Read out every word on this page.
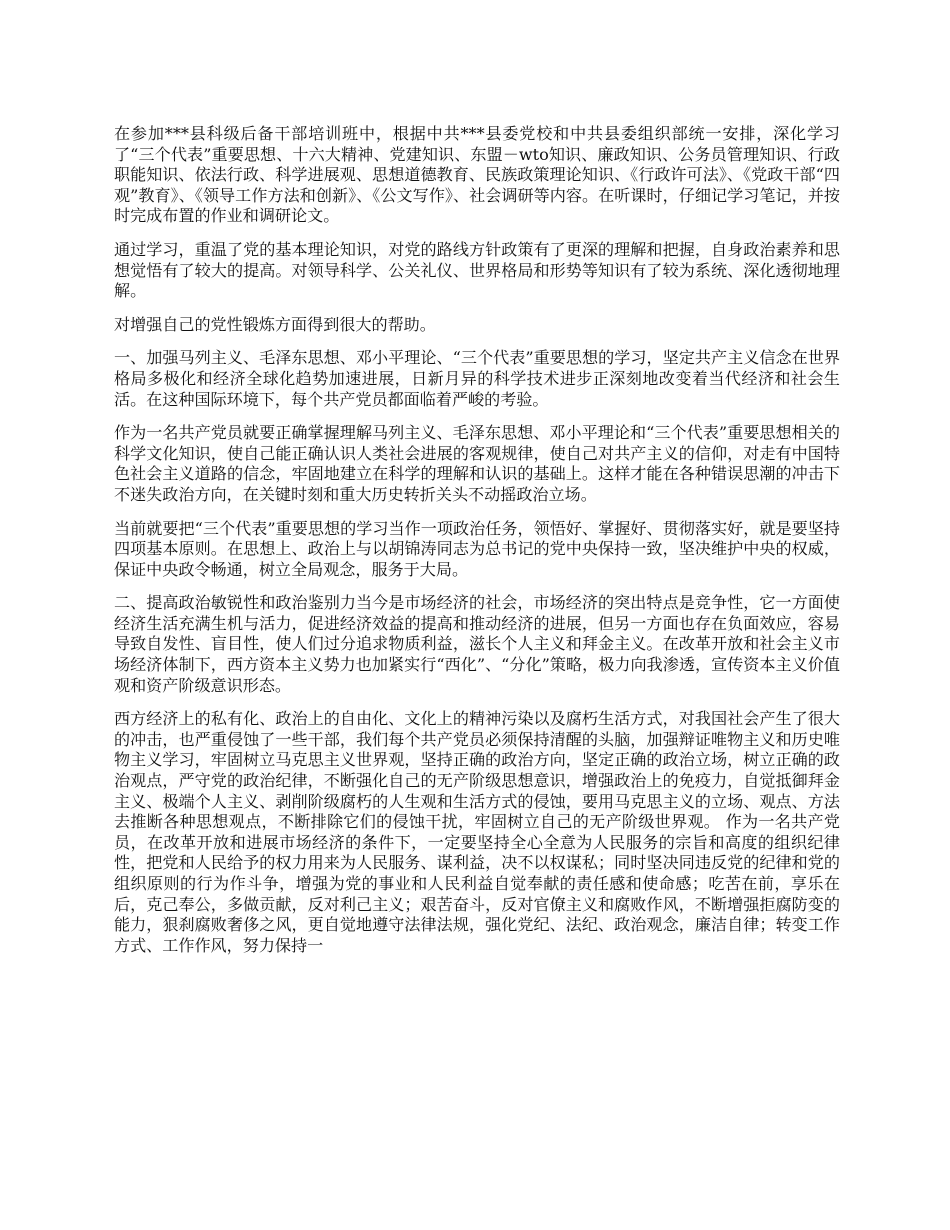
在参加***县科级后备干部培训班中，根据中共***县委党校和中共县委组织部统一安排，深化学习了“三个代表”重要思想、十六大精神、党建知识、东盟－wto知识、廉政知识、公务员管理知识、行政职能知识、依法行政、科学进展观、思想道德教育、民族政策理论知识、《行政许可法》、《党政干部“四观”教育》、《领导工作方法和创新》、《公文写作》、社会调研等内容。在听课时，仔细记学习笔记，并按时完成布置的作业和调研论文。

通过学习，重温了党的基本理论知识，对党的路线方针政策有了更深的理解和把握，自身政治素养和思想觉悟有了较大的提高。对领导科学、公关礼仪、世界格局和形势等知识有了较为系统、深化透彻地理解。

对增强自己的党性锻炼方面得到很大的帮助。

一、加强马列主义、毛泽东思想、邓小平理论、“三个代表”重要思想的学习，坚定共产主义信念在世界格局多极化和经济全球化趋势加速进展，日新月异的科学技术进步正深刻地改变着当代经济和社会生活。在这种国际环境下，每个共产党员都面临着严峻的考验。

作为一名共产党员就要正确掌握理解马列主义、毛泽东思想、邓小平理论和“三个代表”重要思想相关的科学文化知识，使自己能正确认识人类社会进展的客观规律，使自己对共产主义的信仰，对走有中国特色社会主义道路的信念，牢固地建立在科学的理解和认识的基础上。这样才能在各种错误思潮的冲击下不迷失政治方向，在关键时刻和重大历史转折关头不动摇政治立场。

当前就要把“三个代表”重要思想的学习当作一项政治任务，领悟好、掌握好、贯彻落实好，就是要坚持四项基本原则。在思想上、政治上与以胡锦涛同志为总书记的党中央保持一致，坚决维护中央的权威，保证中央政令畅通，树立全局观念，服务于大局。

二、提高政治敏锐性和政治鉴别力当今是市场经济的社会，市场经济的突出特点是竞争性，它一方面使经济生活充满生机与活力，促进经济效益的提高和推动经济的进展，但另一方面也存在负面效应，容易导致自发性、盲目性，使人们过分追求物质利益，滋长个人主义和拜金主义。在改革开放和社会主义市场经济体制下，西方资本主义势力也加紧实行“西化”、“分化”策略，极力向我渗透，宣传资本主义价值观和资产阶级意识形态。

西方经济上的私有化、政治上的自由化、文化上的精神污染以及腐朽生活方式，对我国社会产生了很大的冲击，也严重侵蚀了一些干部，我们每个共产党员必须保持清醒的头脑，加强辩证唯物主义和历史唯物主义学习，牢固树立马克思主义世界观，坚持正确的政治方向，坚定正确的政治立场，树立正确的政治观点，严守党的政治纪律，不断强化自己的无产阶级思想意识，增强政治上的免疫力，自觉抵御拜金主义、极端个人主义、剥削阶级腐朽的人生观和生活方式的侵蚀，要用马克思主义的立场、观点、方法去推断各种思想观点，不断排除它们的侵蚀干扰，牢固树立自己的无产阶级世界观。 作为一名共产党员，在改革开放和进展市场经济的条件下，一定要坚持全心全意为人民服务的宗旨和高度的组织纪律性，把党和人民给予的权力用来为人民服务、谋利益，决不以权谋私；同时坚决同违反党的纪律和党的组织原则的行为作斗争，增强为党的事业和人民利益自觉奉献的责任感和使命感；吃苦在前，享乐在后，克己奉公，多做贡献，反对利己主义；艰苦奋斗，反对官僚主义和腐败作风，不断增强拒腐防变的能力，狠刹腐败奢侈之风，更自觉地遵守法律法规，强化党纪、法纪、政治观念，廉洁自律；转变工作方式、工作作风，努力保持一
